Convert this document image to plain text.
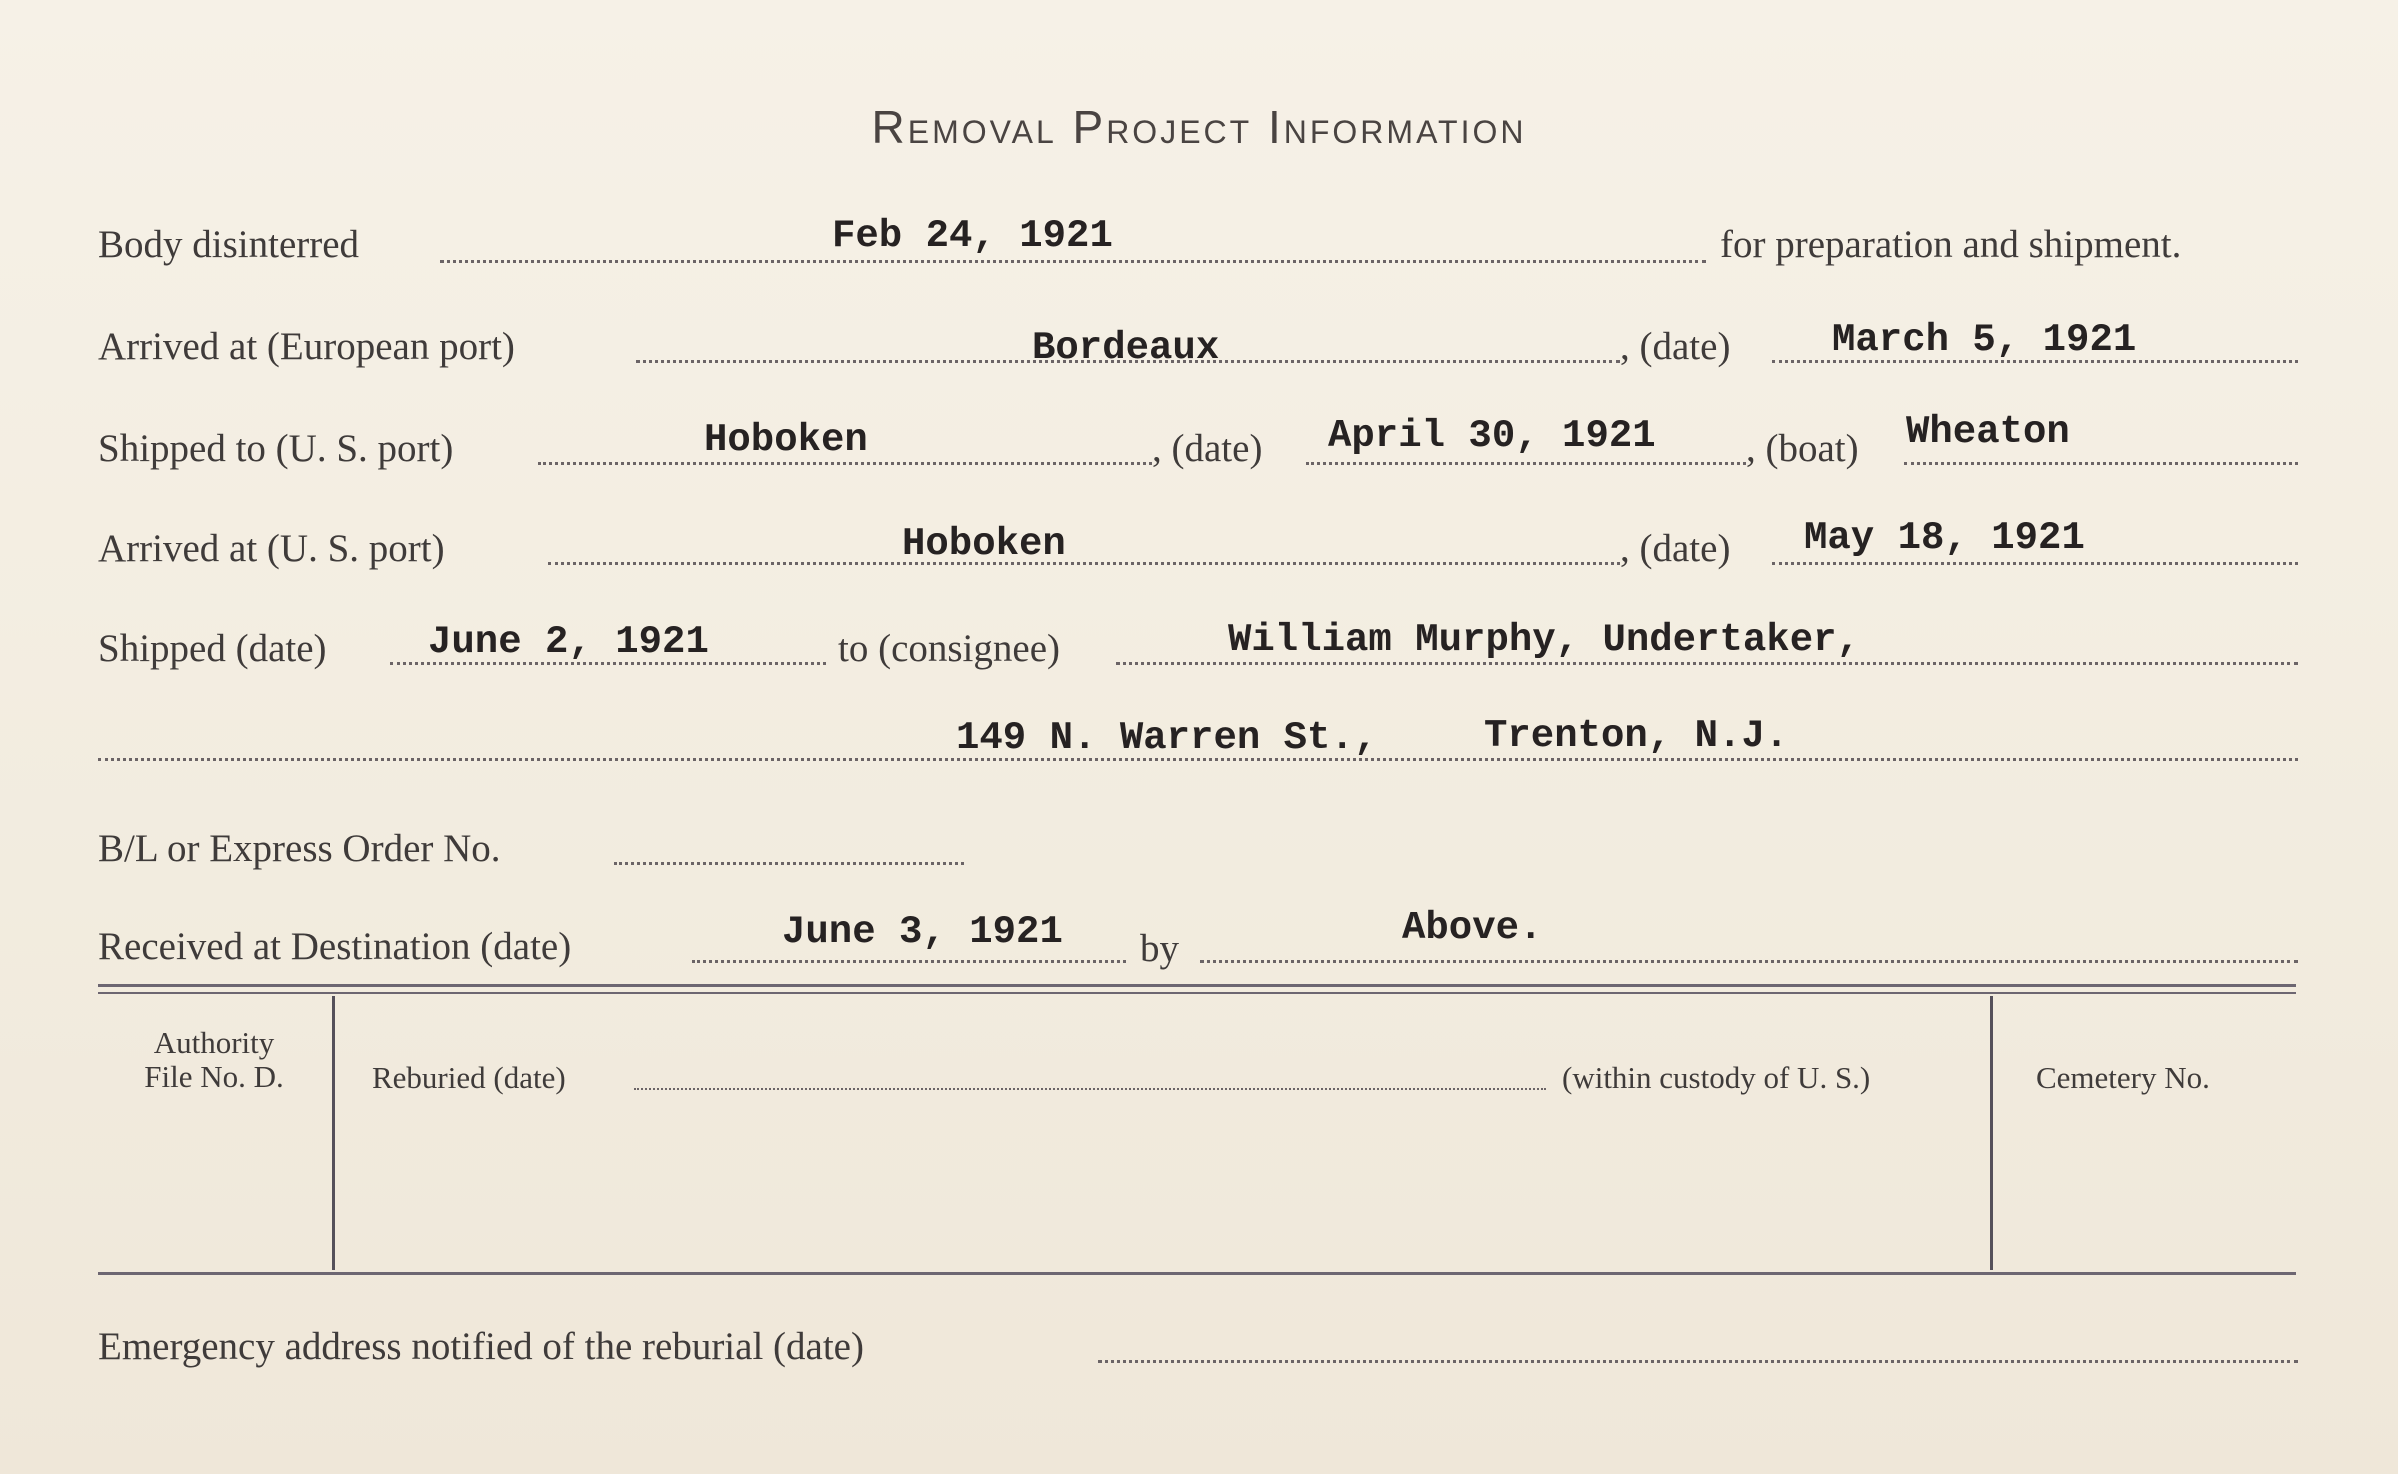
Removal Project Information
Body disinterred	Feb 24, 1921	for preparation and shipment.
Arrived at (European port)	Bordeaux	, (date)	March 5, 1921
Shipped to (U. S. port)	Hoboken	, (date) April 30, 1921 , (boat) Wheaton
Arrived at (U. S. port)	Hoboken	, (date) May 18, 1921
Shipped (date)	June 2, 1921	to (consignee)	William Murphy, Undertaker,
149 N. Warren St.,	Trenton, N.J.
B/L or Express Order No.
Received at Destination (date)	June 3, 1921 by	Above.
Authority
File No. D.	Reburied (date)	(within custody of U. S.)	Cemetery No.
Emergency address notified of the reburial (date)
